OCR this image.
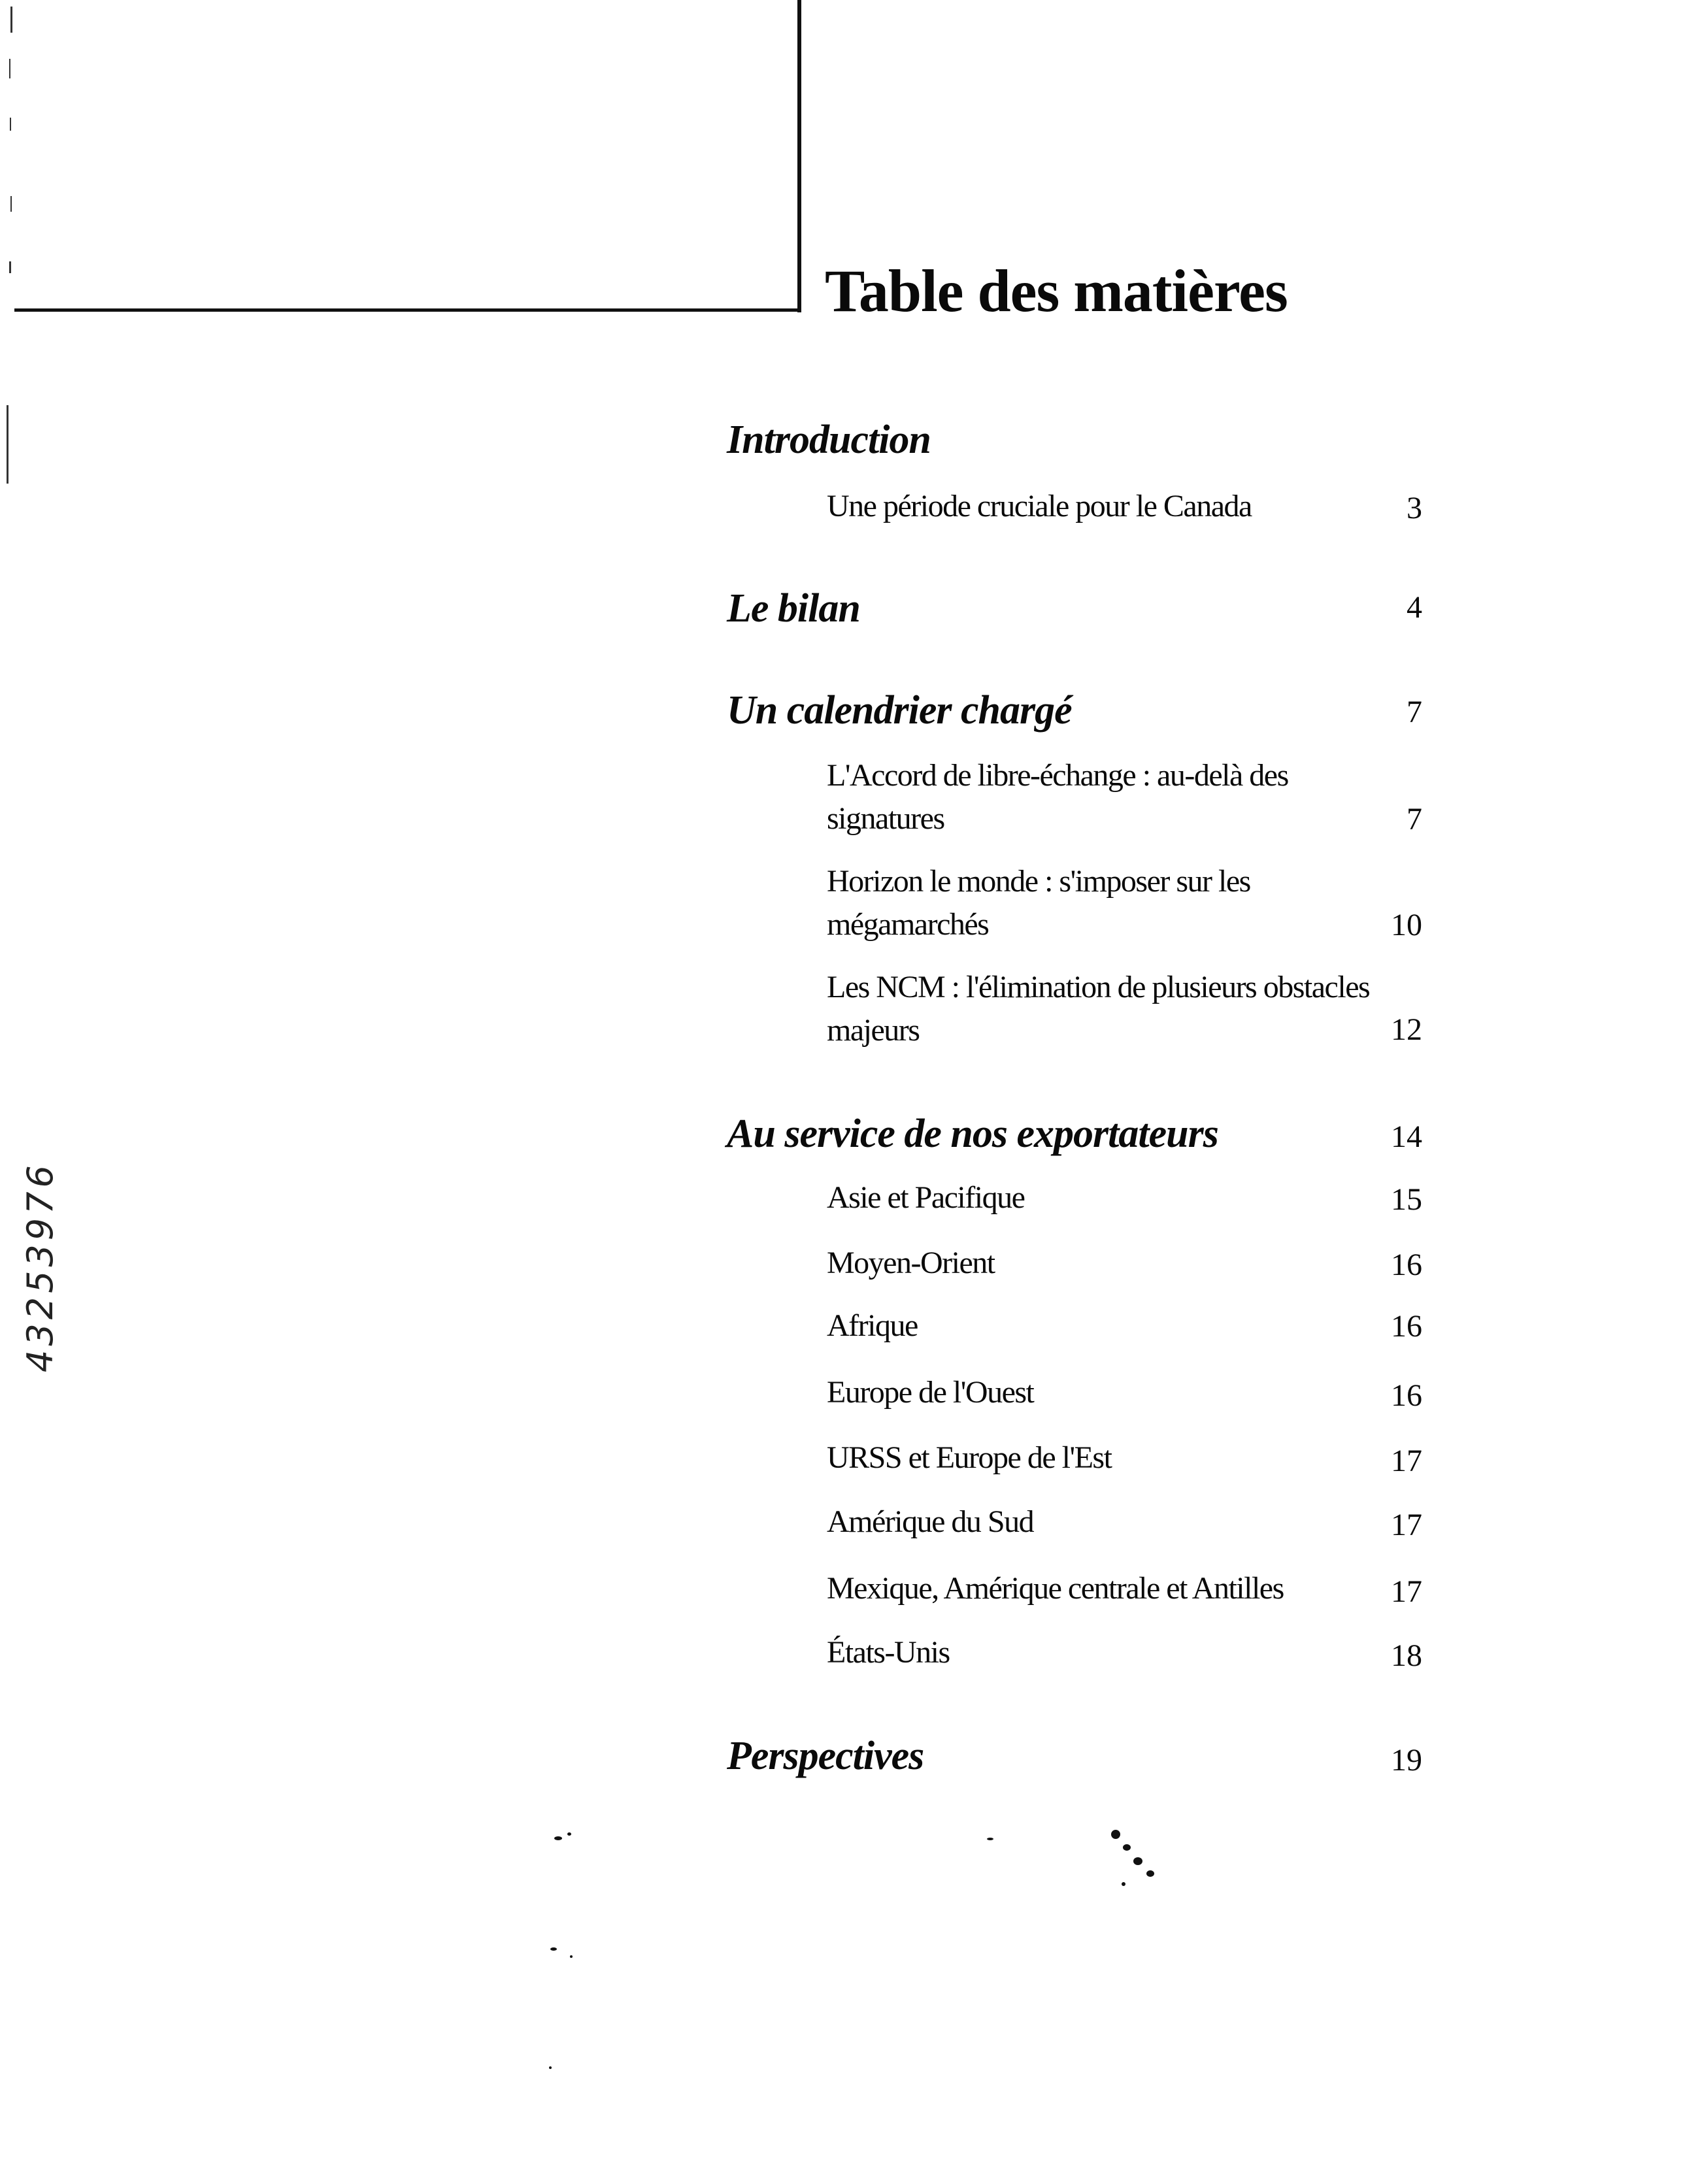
Table des matières
Introduction
Une période cruciale pour le Canada	3
Le bilan	4
Un calendrier chargé	7
L'Accord de libre-échange : au-delà des
signatures	7
Horizon le monde : s'imposer sur les
mégamarchés	10
Les NCM : l'élimination de plusieurs obstacles
majeurs	12
Au service de nos exportateurs	14
Asie et Pacifique	15
Moyen-Orient	16
Afrique	16
Europe de l'Ouest	16
URSS et Europe de l'Est	17
Amérique du Sud	17
Mexique, Amérique centrale et Antilles	17
États-Unis	18
Perspectives	19
43253976
